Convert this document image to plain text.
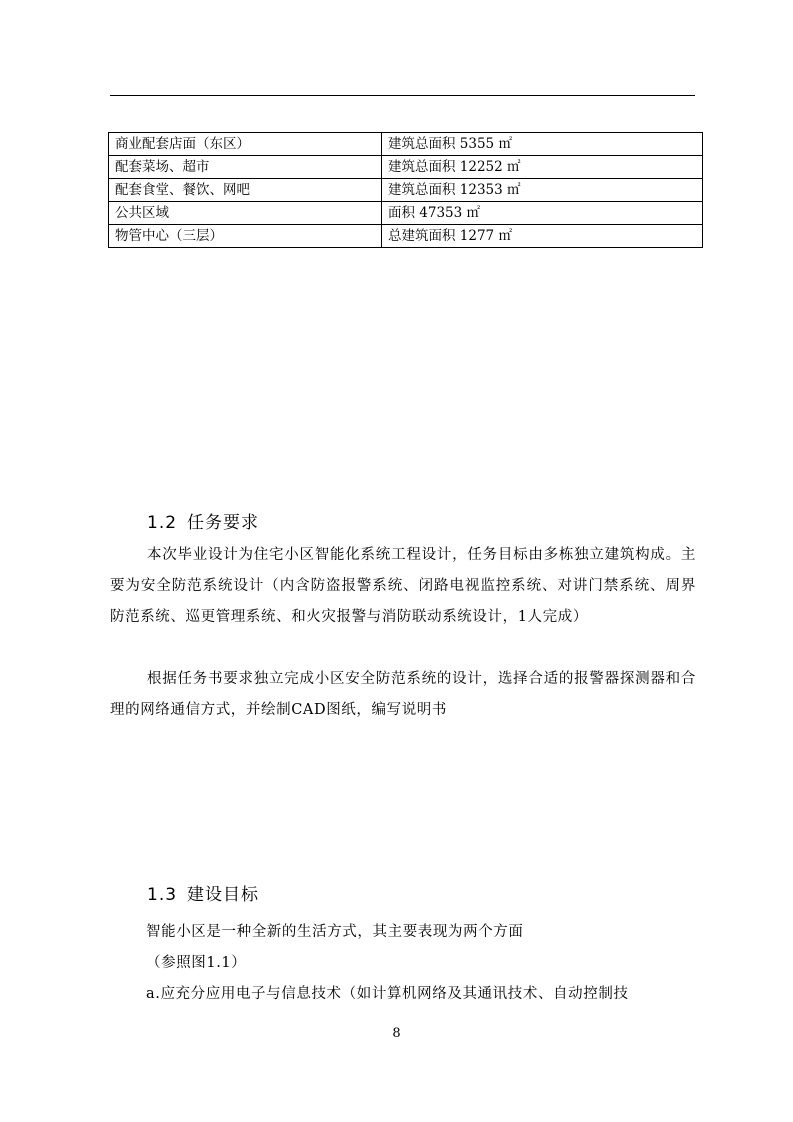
商业配套店面（东区）	建筑总面积 5355 ㎡
配套菜场、超市	建筑总面积 12252 ㎡
配套食堂、餐饮、网吧	建筑总面积 12353 ㎡
公共区域	面积 47353 ㎡
物管中心（三层）	总建筑面积 1277 ㎡
1.2 任务要求

本次毕业设计为住宅小区智能化系统工程设计，任务目标由多栋独立建筑构成。主要为安全防范系统设计（内含防盗报警系统、闭路电视监控系统、对讲门禁系统、周界防范系统、巡更管理系统、和火灾报警与消防联动系统设计，1人完成）

根据任务书要求独立完成小区安全防范系统的设计，选择合适的报警器探测器和合理的网络通信方式，并绘制CAD图纸，编写说明书

1.3 建设目标
智能小区是一种全新的生活方式，其主要表现为两个方面
（参照图1.1）
a.应充分应用电子与信息技术（如计算机网络及其通讯技术、自动控制技
8
